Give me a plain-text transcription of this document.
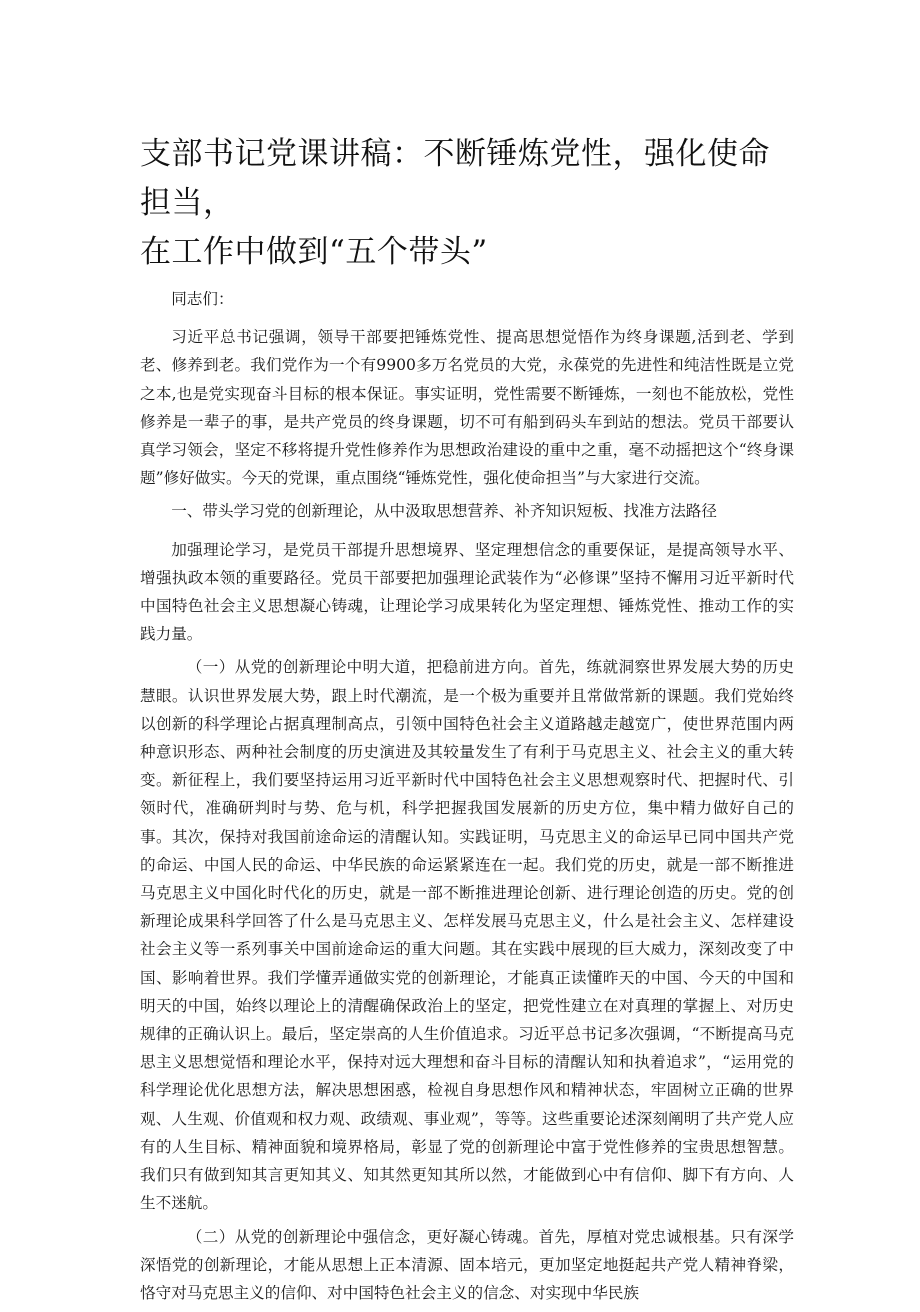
支部书记党课讲稿：不断锤炼党性，强化使命担当，
在工作中做到“五个带头”

同志们：

习近平总书记强调，领导干部要把锤炼党性、提高思想觉悟作为终身课题,活到老、学到老、修养到老。我们党作为一个有9900多万名党员的大党，永葆党的先进性和纯洁性既是立党之本,也是党实现奋斗目标的根本保证。事实证明，党性需要不断锤炼，一刻也不能放松，党性修养是一辈子的事，是共产党员的终身课题，切不可有船到码头车到站的想法。党员干部要认真学习领会，坚定不移将提升党性修养作为思想政治建设的重中之重，毫不动摇把这个“终身课题”修好做实。今天的党课，重点围绕“锤炼党性，强化使命担当”与大家进行交流。

一、带头学习党的创新理论，从中汲取思想营养、补齐知识短板、找准方法路径

加强理论学习，是党员干部提升思想境界、坚定理想信念的重要保证，是提高领导水平、增强执政本领的重要路径。党员干部要把加强理论武装作为“必修课”坚持不懈用习近平新时代中国特色社会主义思想凝心铸魂，让理论学习成果转化为坚定理想、锤炼党性、推动工作的实践力量。

（一）从党的创新理论中明大道，把稳前进方向。首先，练就洞察世界发展大势的历史慧眼。认识世界发展大势，跟上时代潮流，是一个极为重要并且常做常新的课题。我们党始终以创新的科学理论占据真理制高点，引领中国特色社会主义道路越走越宽广，使世界范围内两种意识形态、两种社会制度的历史演进及其较量发生了有利于马克思主义、社会主义的重大转变。新征程上，我们要坚持运用习近平新时代中国特色社会主义思想观察时代、把握时代、引领时代，准确研判时与势、危与机，科学把握我国发展新的历史方位，集中精力做好自己的事。其次，保持对我国前途命运的清醒认知。实践证明，马克思主义的命运早已同中国共产党的命运、中国人民的命运、中华民族的命运紧紧连在一起。我们党的历史，就是一部不断推进马克思主义中国化时代化的历史，就是一部不断推进理论创新、进行理论创造的历史。党的创新理论成果科学回答了什么是马克思主义、怎样发展马克思主义，什么是社会主义、怎样建设社会主义等一系列事关中国前途命运的重大问题。其在实践中展现的巨大威力，深刻改变了中国、影响着世界。我们学懂弄通做实党的创新理论，才能真正读懂昨天的中国、今天的中国和明天的中国，始终以理论上的清醒确保政治上的坚定，把党性建立在对真理的掌握上、对历史规律的正确认识上。最后，坚定崇高的人生价值追求。习近平总书记多次强调，“不断提高马克思主义思想觉悟和理论水平，保持对远大理想和奋斗目标的清醒认知和执着追求”，“运用党的科学理论优化思想方法，解决思想困惑，检视自身思想作风和精神状态，牢固树立正确的世界观、人生观、价值观和权力观、政绩观、事业观”，等等。这些重要论述深刻阐明了共产党人应有的人生目标、精神面貌和境界格局，彰显了党的创新理论中富于党性修养的宝贵思想智慧。我们只有做到知其言更知其义、知其然更知其所以然，才能做到心中有信仰、脚下有方向、人生不迷航。

（二）从党的创新理论中强信念，更好凝心铸魂。首先，厚植对党忠诚根基。只有深学深悟党的创新理论，才能从思想上正本清源、固本培元，更加坚定地挺起共产党人精神脊梁，恪守对马克思主义的信仰、对中国特色社会主义的信念、对实现中华民族
